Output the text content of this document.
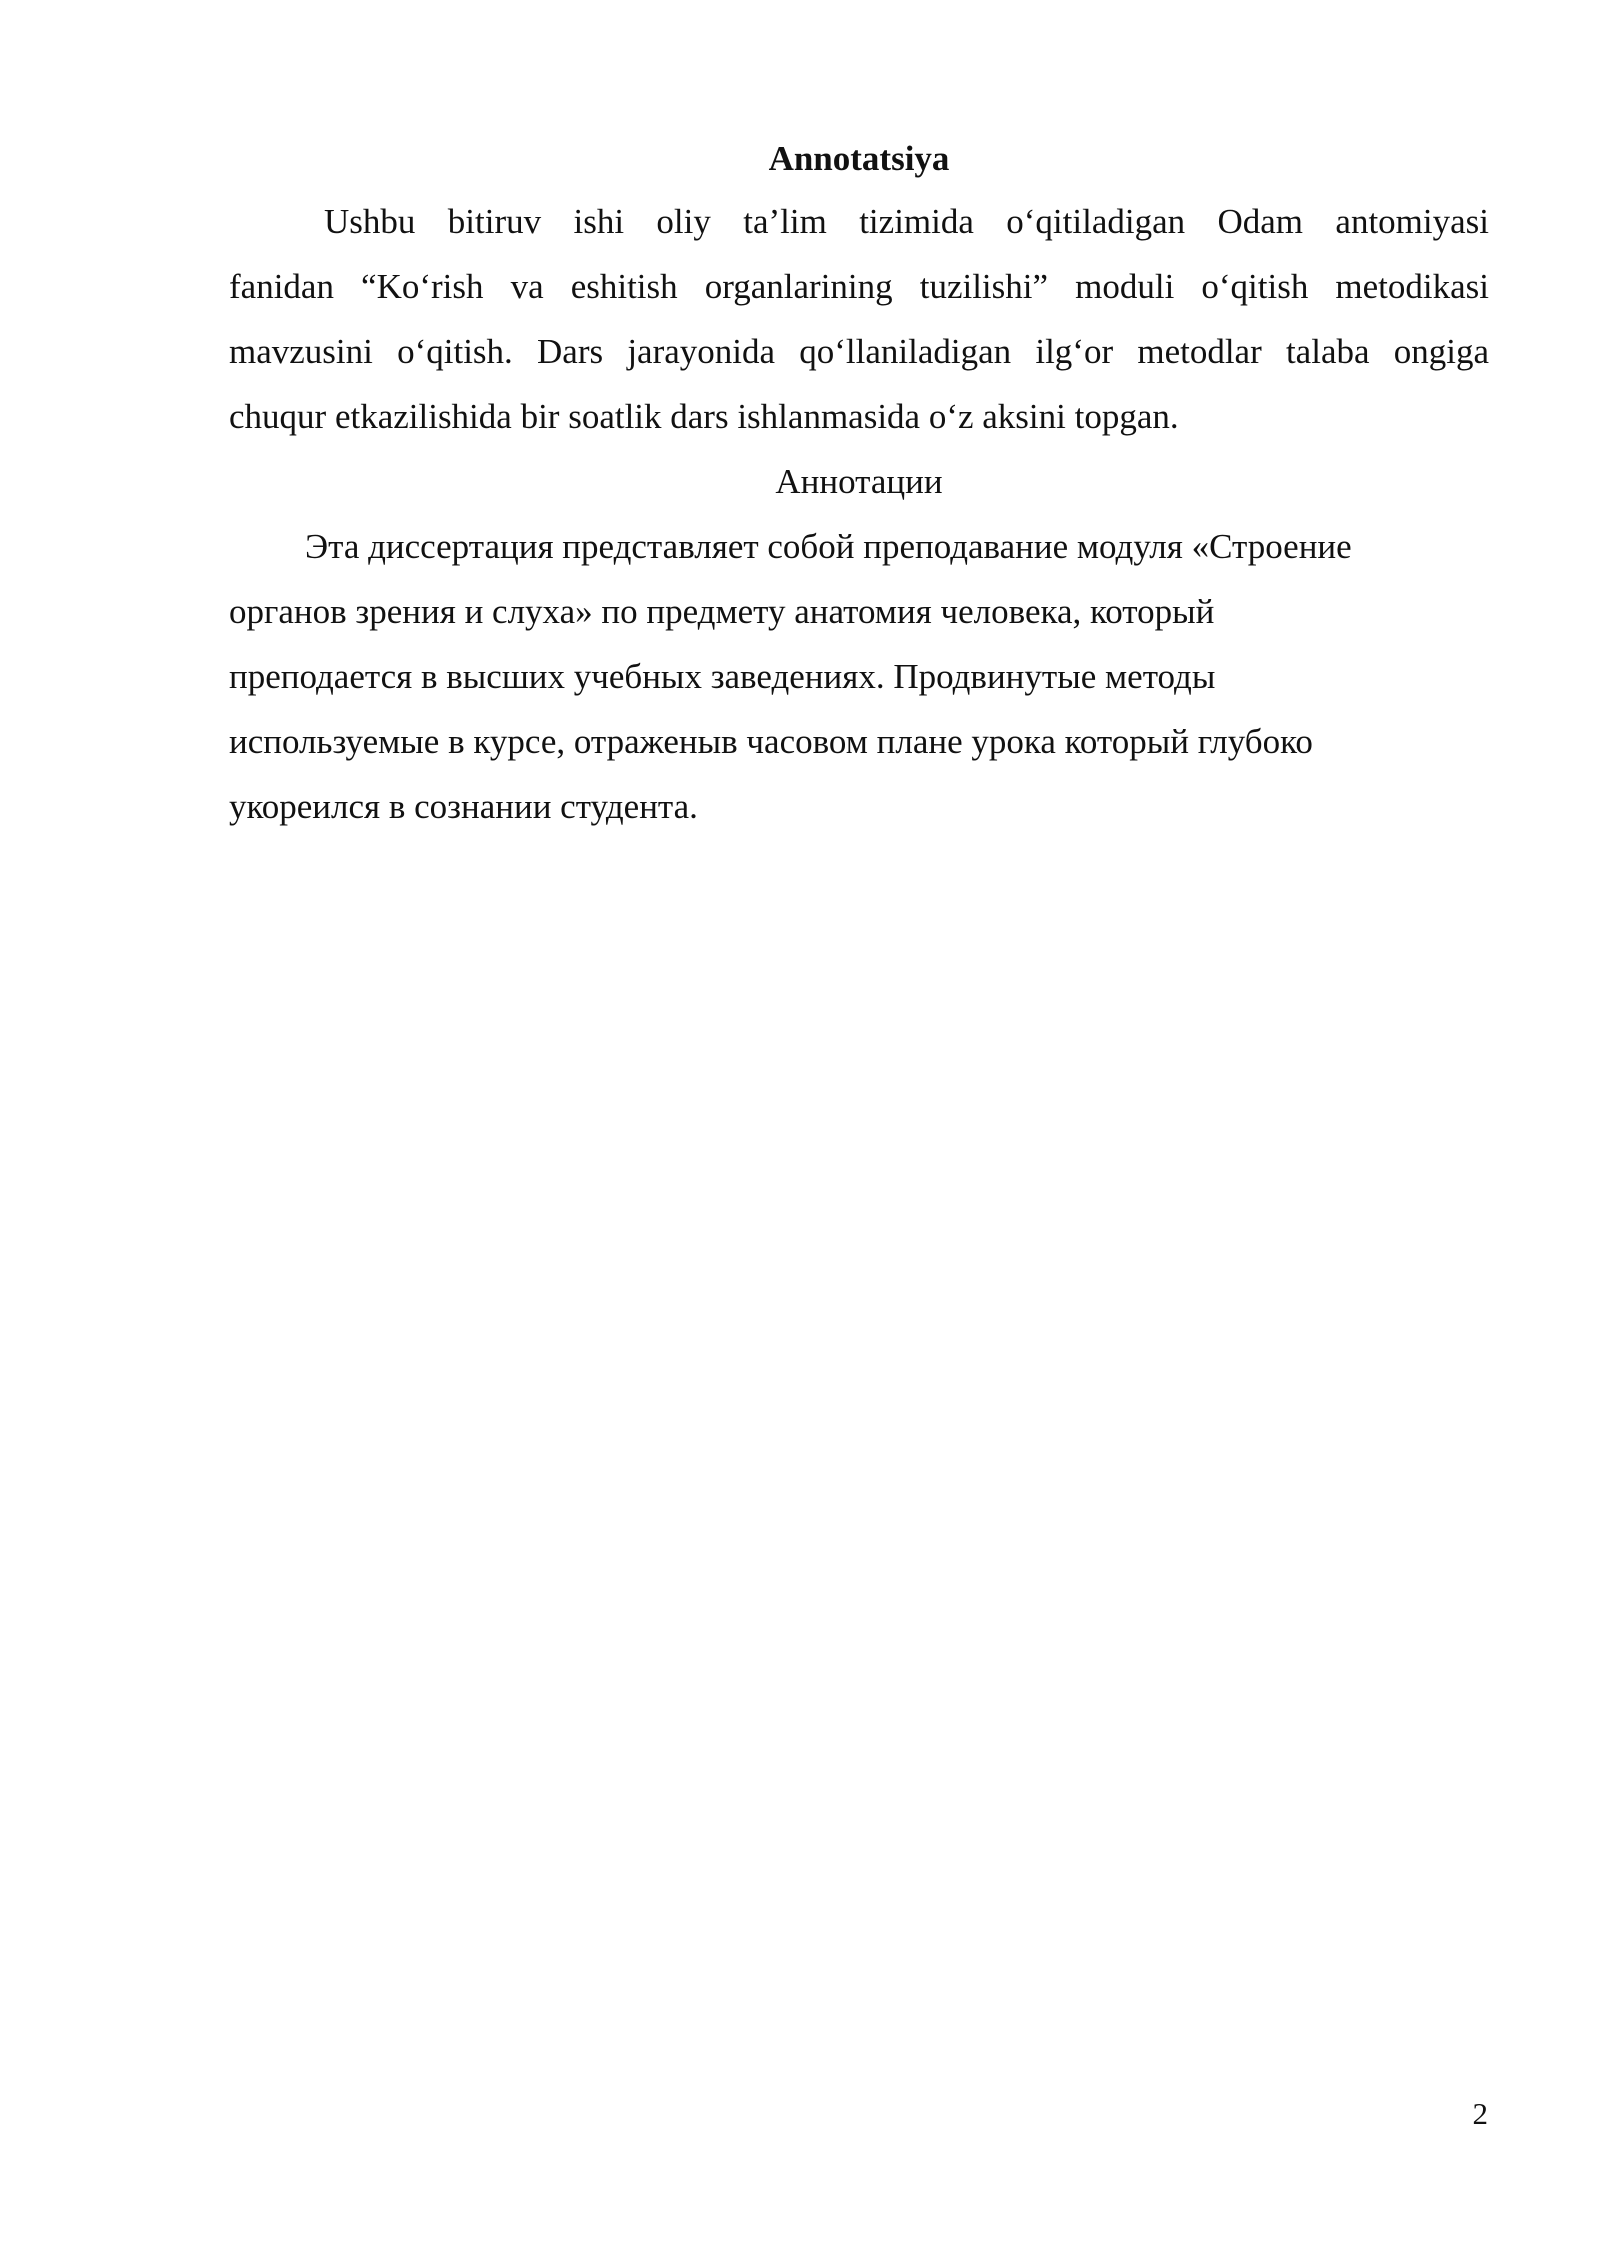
Annotatsiya
Ushbu bitiruv ishi oliy ta’lim tizimida o‘qitiladigan Odam antomiyasi
fanidan “Ko‘rish va eshitish organlarining tuzilishi” moduli o‘qitish metodikasi
mavzusini o‘qitish. Dars jarayonida qo‘llaniladigan ilg‘or metodlar talaba ongiga
chuqur etkazilishida bir soatlik dars ishlanmasida o‘z aksini topgan.
Аннотации
Эта диссертация представляет собой преподавание модуля «Строение
органов зрения и слуха» по предмету анатомия человека, который
преподается в высших учебных заведениях. Продвинутые методы
используемые в курсе, отраженыв часовом плане урока который глубоко
укореился в сознании студента.
2
